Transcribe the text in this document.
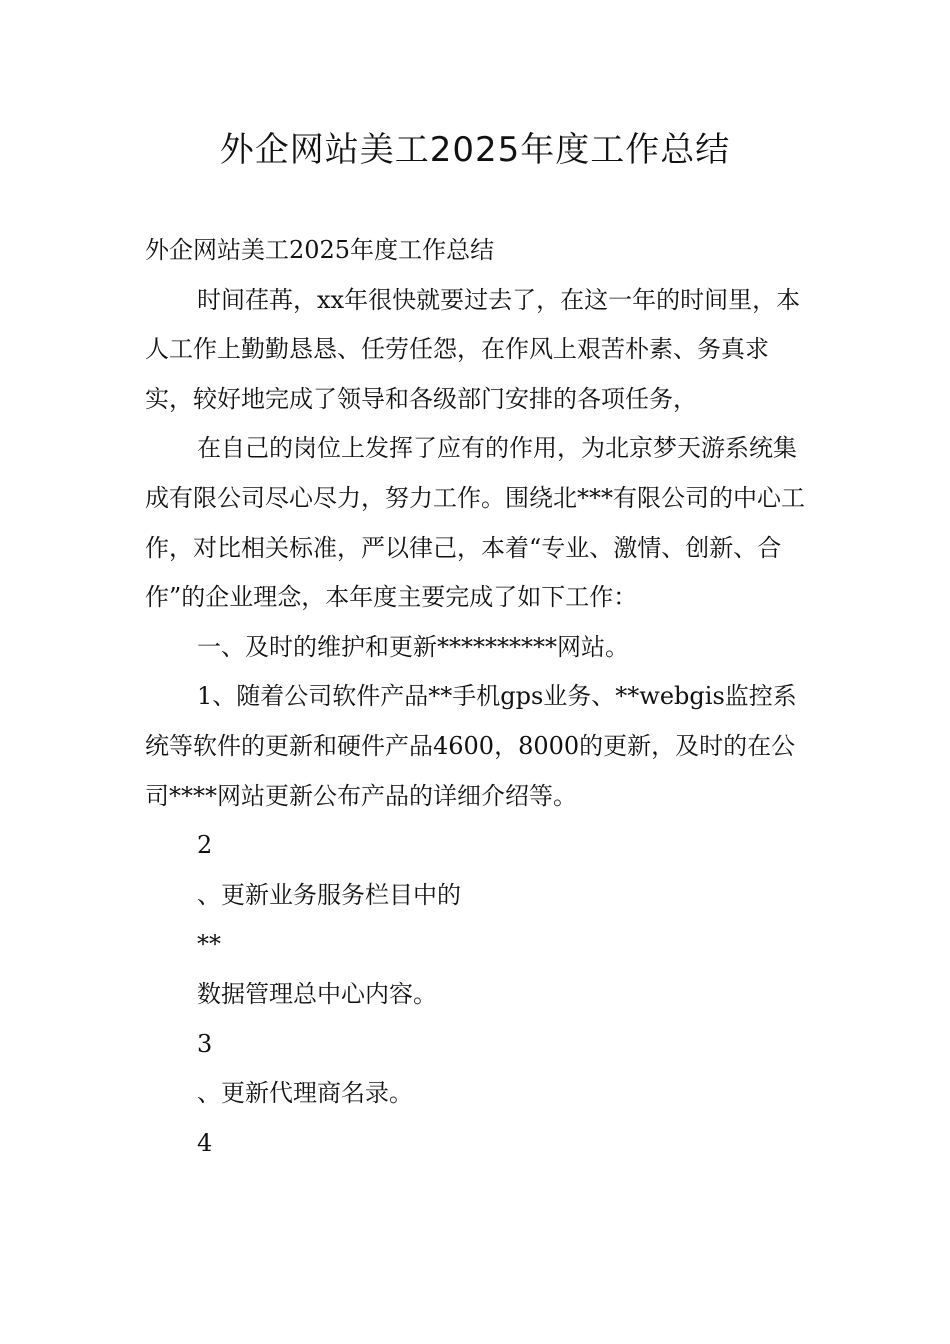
外企网站美工2025年度工作总结

外企网站美工2025年度工作总结

时间荏苒，xx年很快就要过去了，在这一年的时间里，本人工作上勤勤恳恳、任劳任怨，在作风上艰苦朴素、务真求实，较好地完成了领导和各级部门安排的各项任务，

在自己的岗位上发挥了应有的作用，为北京梦天游系统集成有限公司尽心尽力，努力工作。围绕北***有限公司的中心工作，对比相关标准，严以律己，本着“专业、激情、创新、合作”的企业理念，本年度主要完成了如下工作：

一、及时的维护和更新**********网站。

1、随着公司软件产品**手机gps业务、**webgis监控系统等软件的更新和硬件产品4600，8000的更新，及时的在公司****网站更新公布产品的详细介绍等。

2

、更新业务服务栏目中的

**

数据管理总中心内容。

3

、更新代理商名录。

4
